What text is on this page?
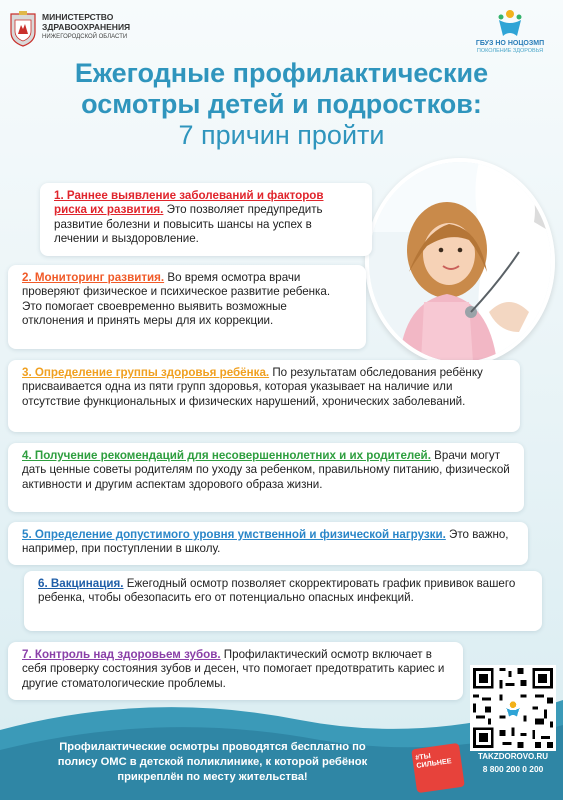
МИНИСТЕРСТВО
ЗДРАВООХРАНЕНИЯ
НИЖЕГОРОДСКОЙ ОБЛАСТИ
ГБУЗ НО НОЦОЗМП
ПОКОЛЕНИЕ ЗДОРОВЬЯ
Ежегодные профилактические
осмотры детей и подростков:
7 причин пройти
1. Раннее выявление заболеваний и факторов риска их развития. Это позволяет предупредить развитие болезни и повысить шансы на успех в лечении и выздоровление.
2. Мониторинг развития. Во время осмотра врачи проверяют физическое и психическое развитие ребенка. Это помогает своевременно выявить возможные отклонения и принять меры для их коррекции.
3. Определение группы здоровья ребёнка. По результатам обследования ребёнку присваивается одна из пяти групп здоровья, которая указывает на наличие или отсутствие функциональных и физических нарушений, хронических заболеваний.
4. Получение рекомендаций для несовершеннолетних и их родителей. Врачи могут дать ценные советы родителям по уходу за ребенком, правильному питанию, физической активности и другим аспектам здорового образа жизни.
5. Определение допустимого уровня умственной и физической нагрузки. Это важно, например, при поступлении в школу.
6. Вакцинация. Ежегодный осмотр позволяет скорректировать график прививок вашего ребенка, чтобы обезопасить его от потенциально опасных инфекций.
7. Контроль над здоровьем зубов. Профилактический осмотр включает в себя проверку состояния зубов и десен, что помогает предотвратить кариес и другие стоматологические проблемы.
Профилактические осмотры проводятся бесплатно по полису ОМС в детской поликлинике, к которой ребёнок прикреплён по месту жительства!
#ТЫ СИЛЬНЕЕ	TAKZDOROVO.RU
8 800 200 0 200
